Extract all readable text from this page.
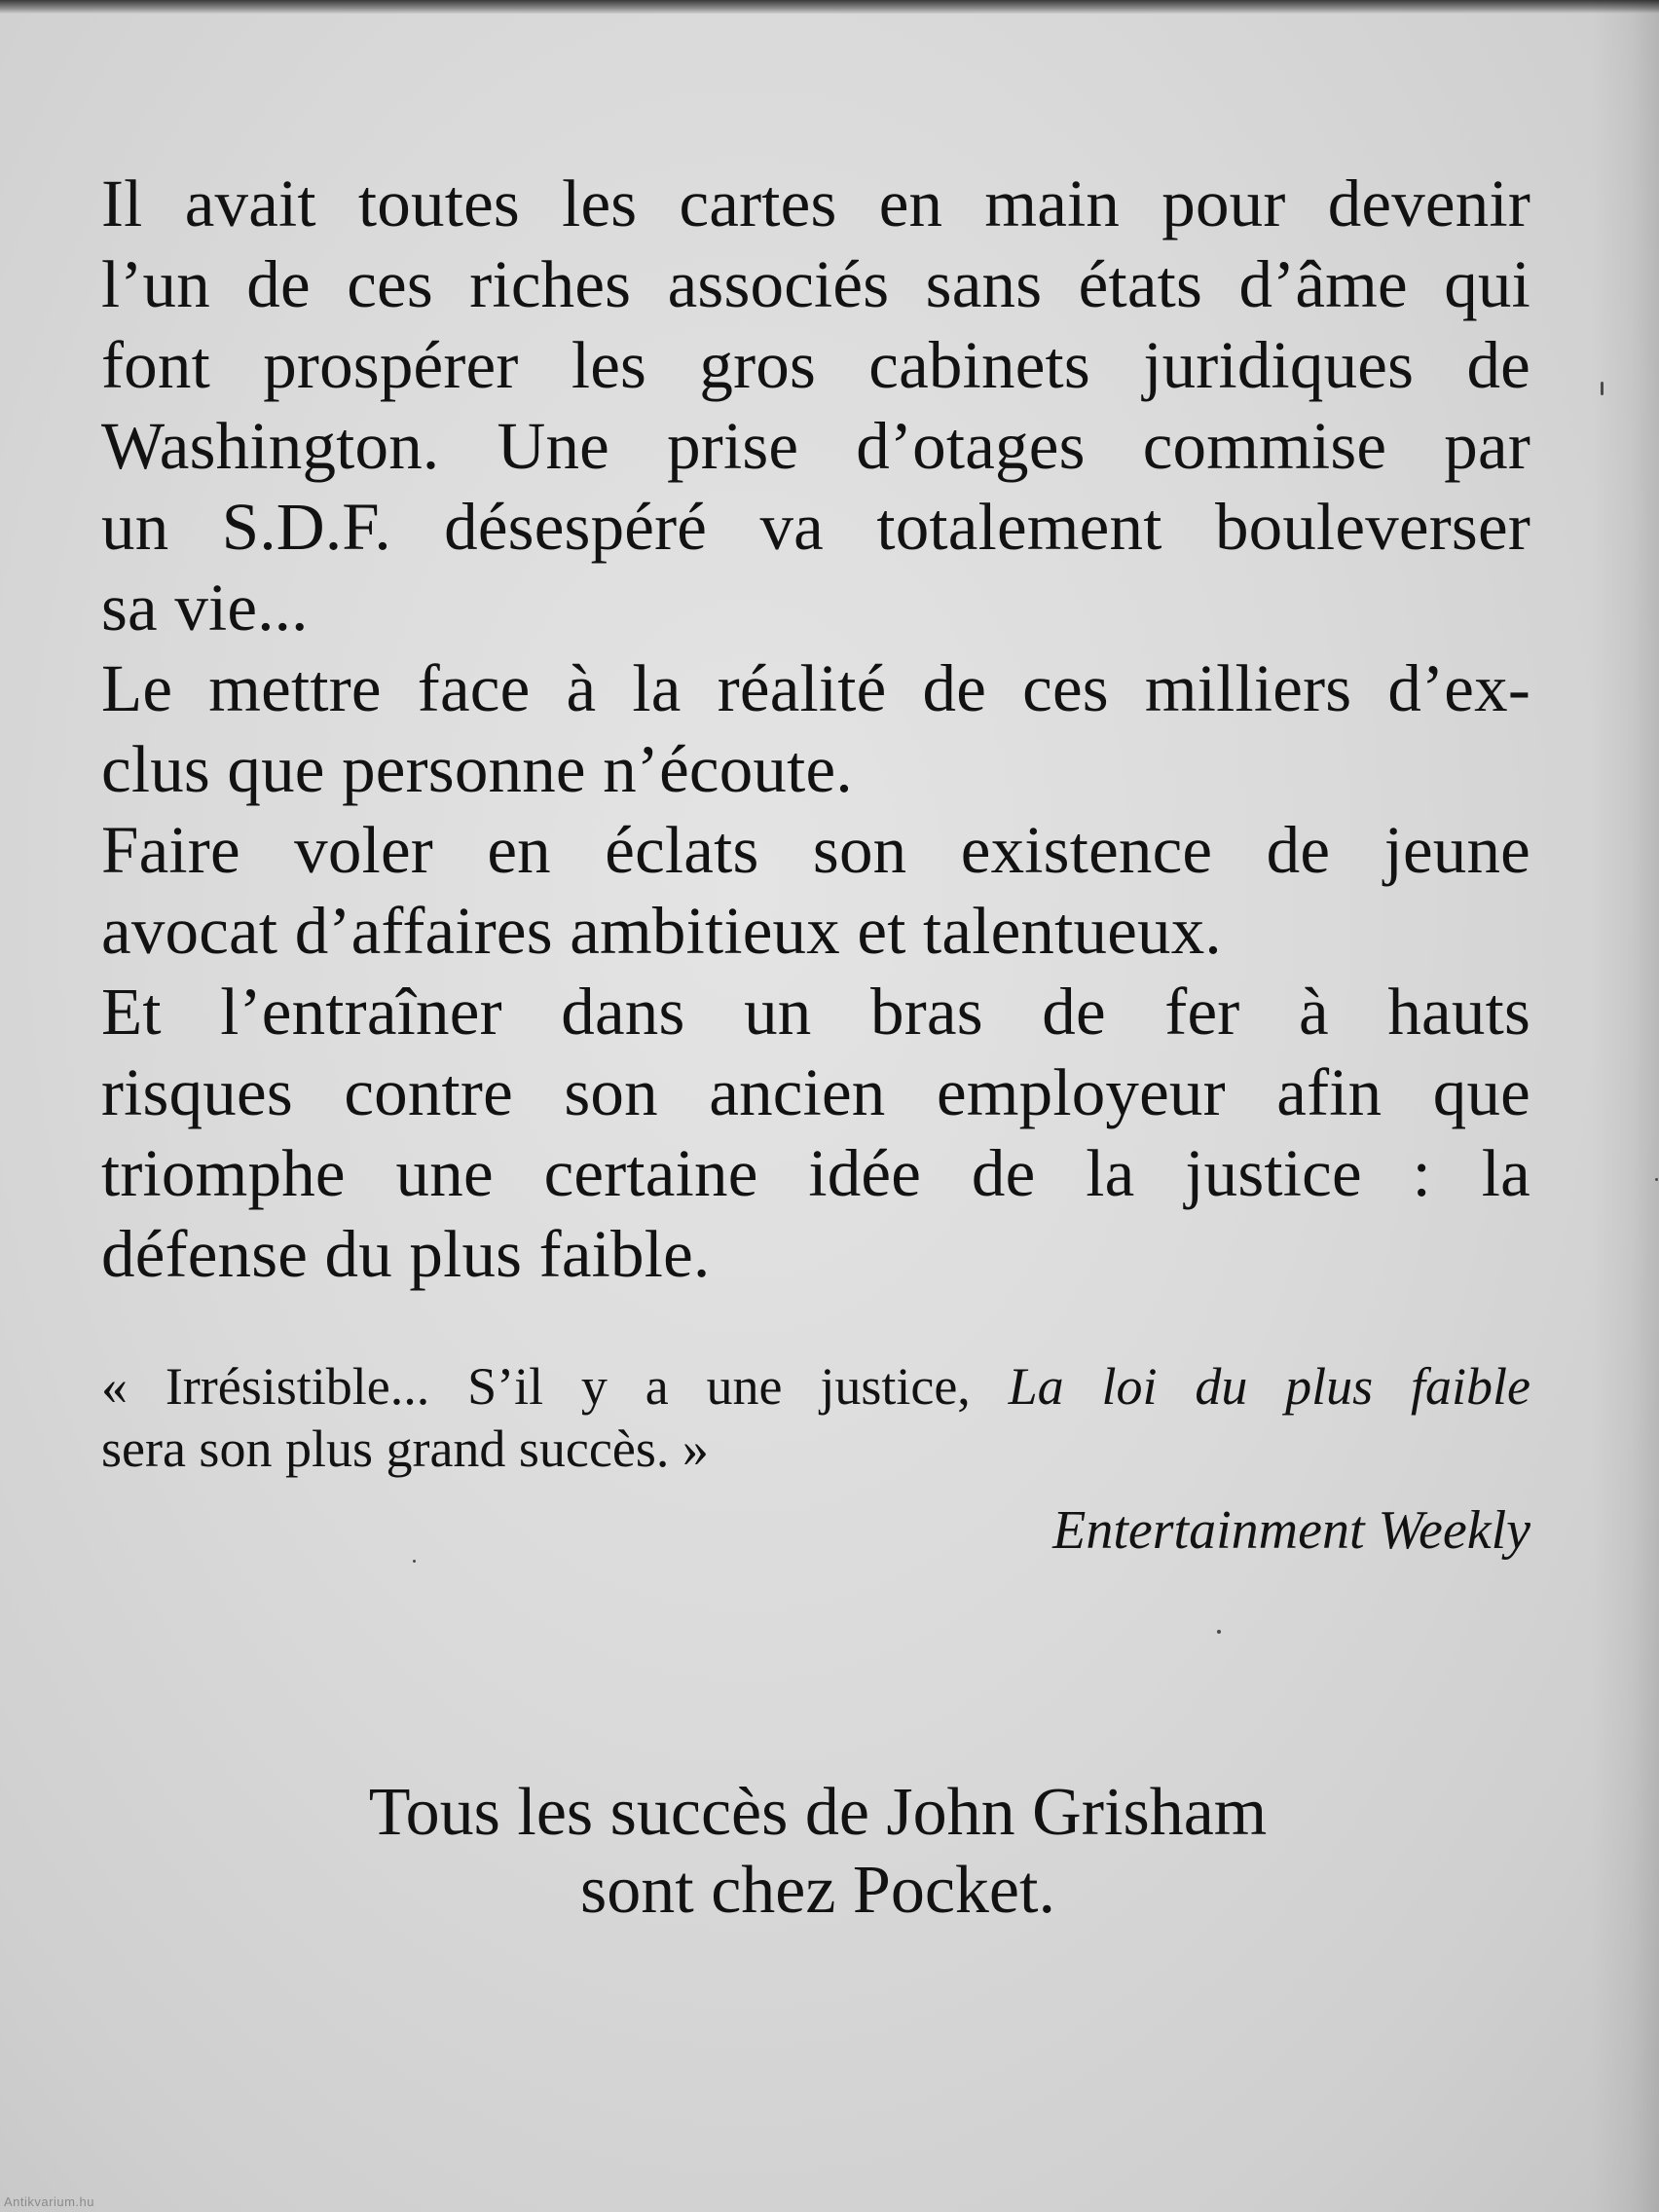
Il avait toutes les cartes en main pour devenir
l’un de ces riches associés sans états d’âme qui
font prospérer les gros cabinets juridiques de
Washington. Une prise d’otages commise par
un S.D.F. désespéré va totalement bouleverser
sa vie...
Le mettre face à la réalité de ces milliers d’ex-
clus que personne n’écoute.
Faire voler en éclats son existence de jeune
avocat d’affaires ambitieux et talentueux.
Et l’entraîner dans un bras de fer à hauts
risques contre son ancien employeur afin que
triomphe une certaine idée de la justice : la
défense du plus faible.
« Irrésistible... S’il y a une justice, La loi du plus faible
sera son plus grand succès. »
Entertainment Weekly
Tous les succès de John Grisham
sont chez Pocket.
Antikvarium.hu
